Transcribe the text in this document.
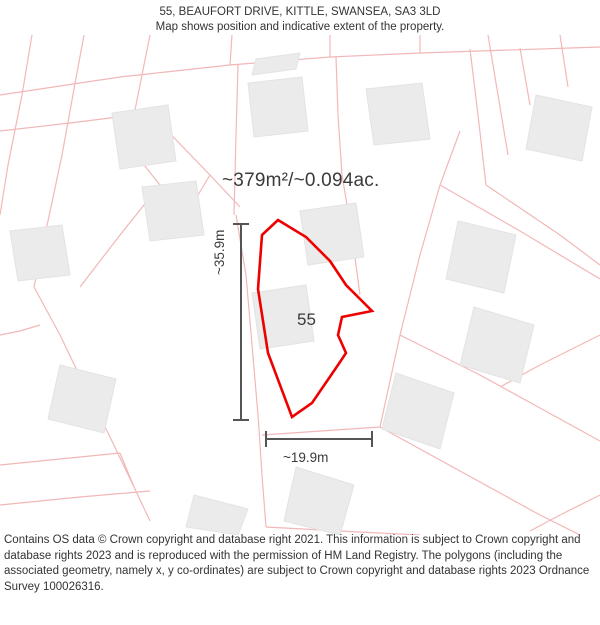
55, BEAUFORT DRIVE, KITTLE, SWANSEA, SA3 3LD
Map shows position and indicative extent of the property.
~379m²/~0.094ac.
55
~35.9m
~19.9m
Contains OS data © Crown copyright and database right 2021. This information is subject to Crown copyright and database rights 2023 and is reproduced with the permission of HM Land Registry. The polygons (including the associated geometry, namely x, y co-ordinates) are subject to Crown copyright and database rights 2023 Ordnance Survey 100026316.
